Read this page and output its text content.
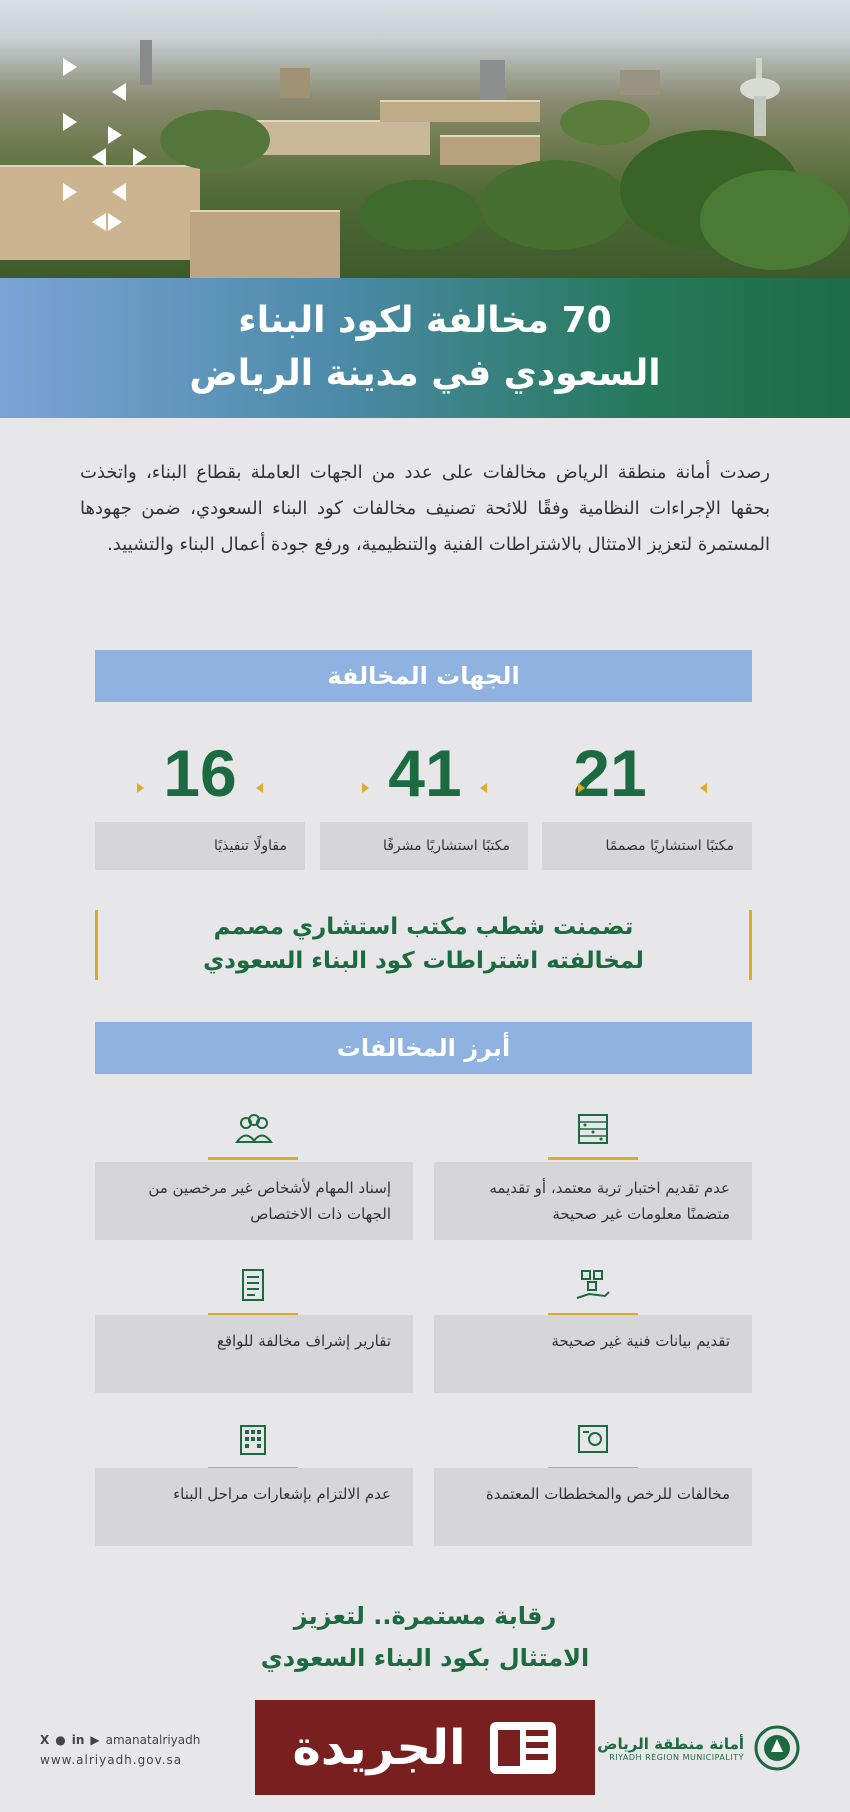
70 مخالفة لكود البناء
السعودي في مدينة الرياض

رصدت أمانة منطقة الرياض مخالفات على عدد من الجهات العاملة بقطاع البناء، واتخذت بحقها الإجراءات النظامية وفقًا للائحة تصنيف مخالفات كود البناء السعودي، ضمن جهودها المستمرة لتعزيز الامتثال بالاشتراطات الفنية والتنظيمية، ورفع جودة أعمال البناء والتشييد.

الجهات المخالفة
21
41
16
مكتبًا استشاريًا مصممًا
مكتبًا استشاريًا مشرفًا
مقاولًا تنفيذيًا
تضمنت شطب مكتب استشاري مصمم
لمخالفته اشتراطات كود البناء السعودي
أبرز المخالفات
عدم تقديم اختبار تربة معتمد، أو تقديمه متضمنًا معلومات غير صحيحة
إسناد المهام لأشخاص غير مرخصين من الجهات ذات الاختصاص
تقديم بيانات فنية غير صحيحة
تقارير إشراف مخالفة للواقع
مخالفات للرخص والمخططات المعتمدة
عدم الالتزام بإشعارات مراحل البناء
رقابة مستمرة.. لتعزيز
الامتثال بكود البناء السعودي
X ● in ▶ amanatalriyadh
www.alriyadh.gov.sa	الجريدة	أمانة منطقة الرياض
RIYADH REGION MUNICIPALITY
